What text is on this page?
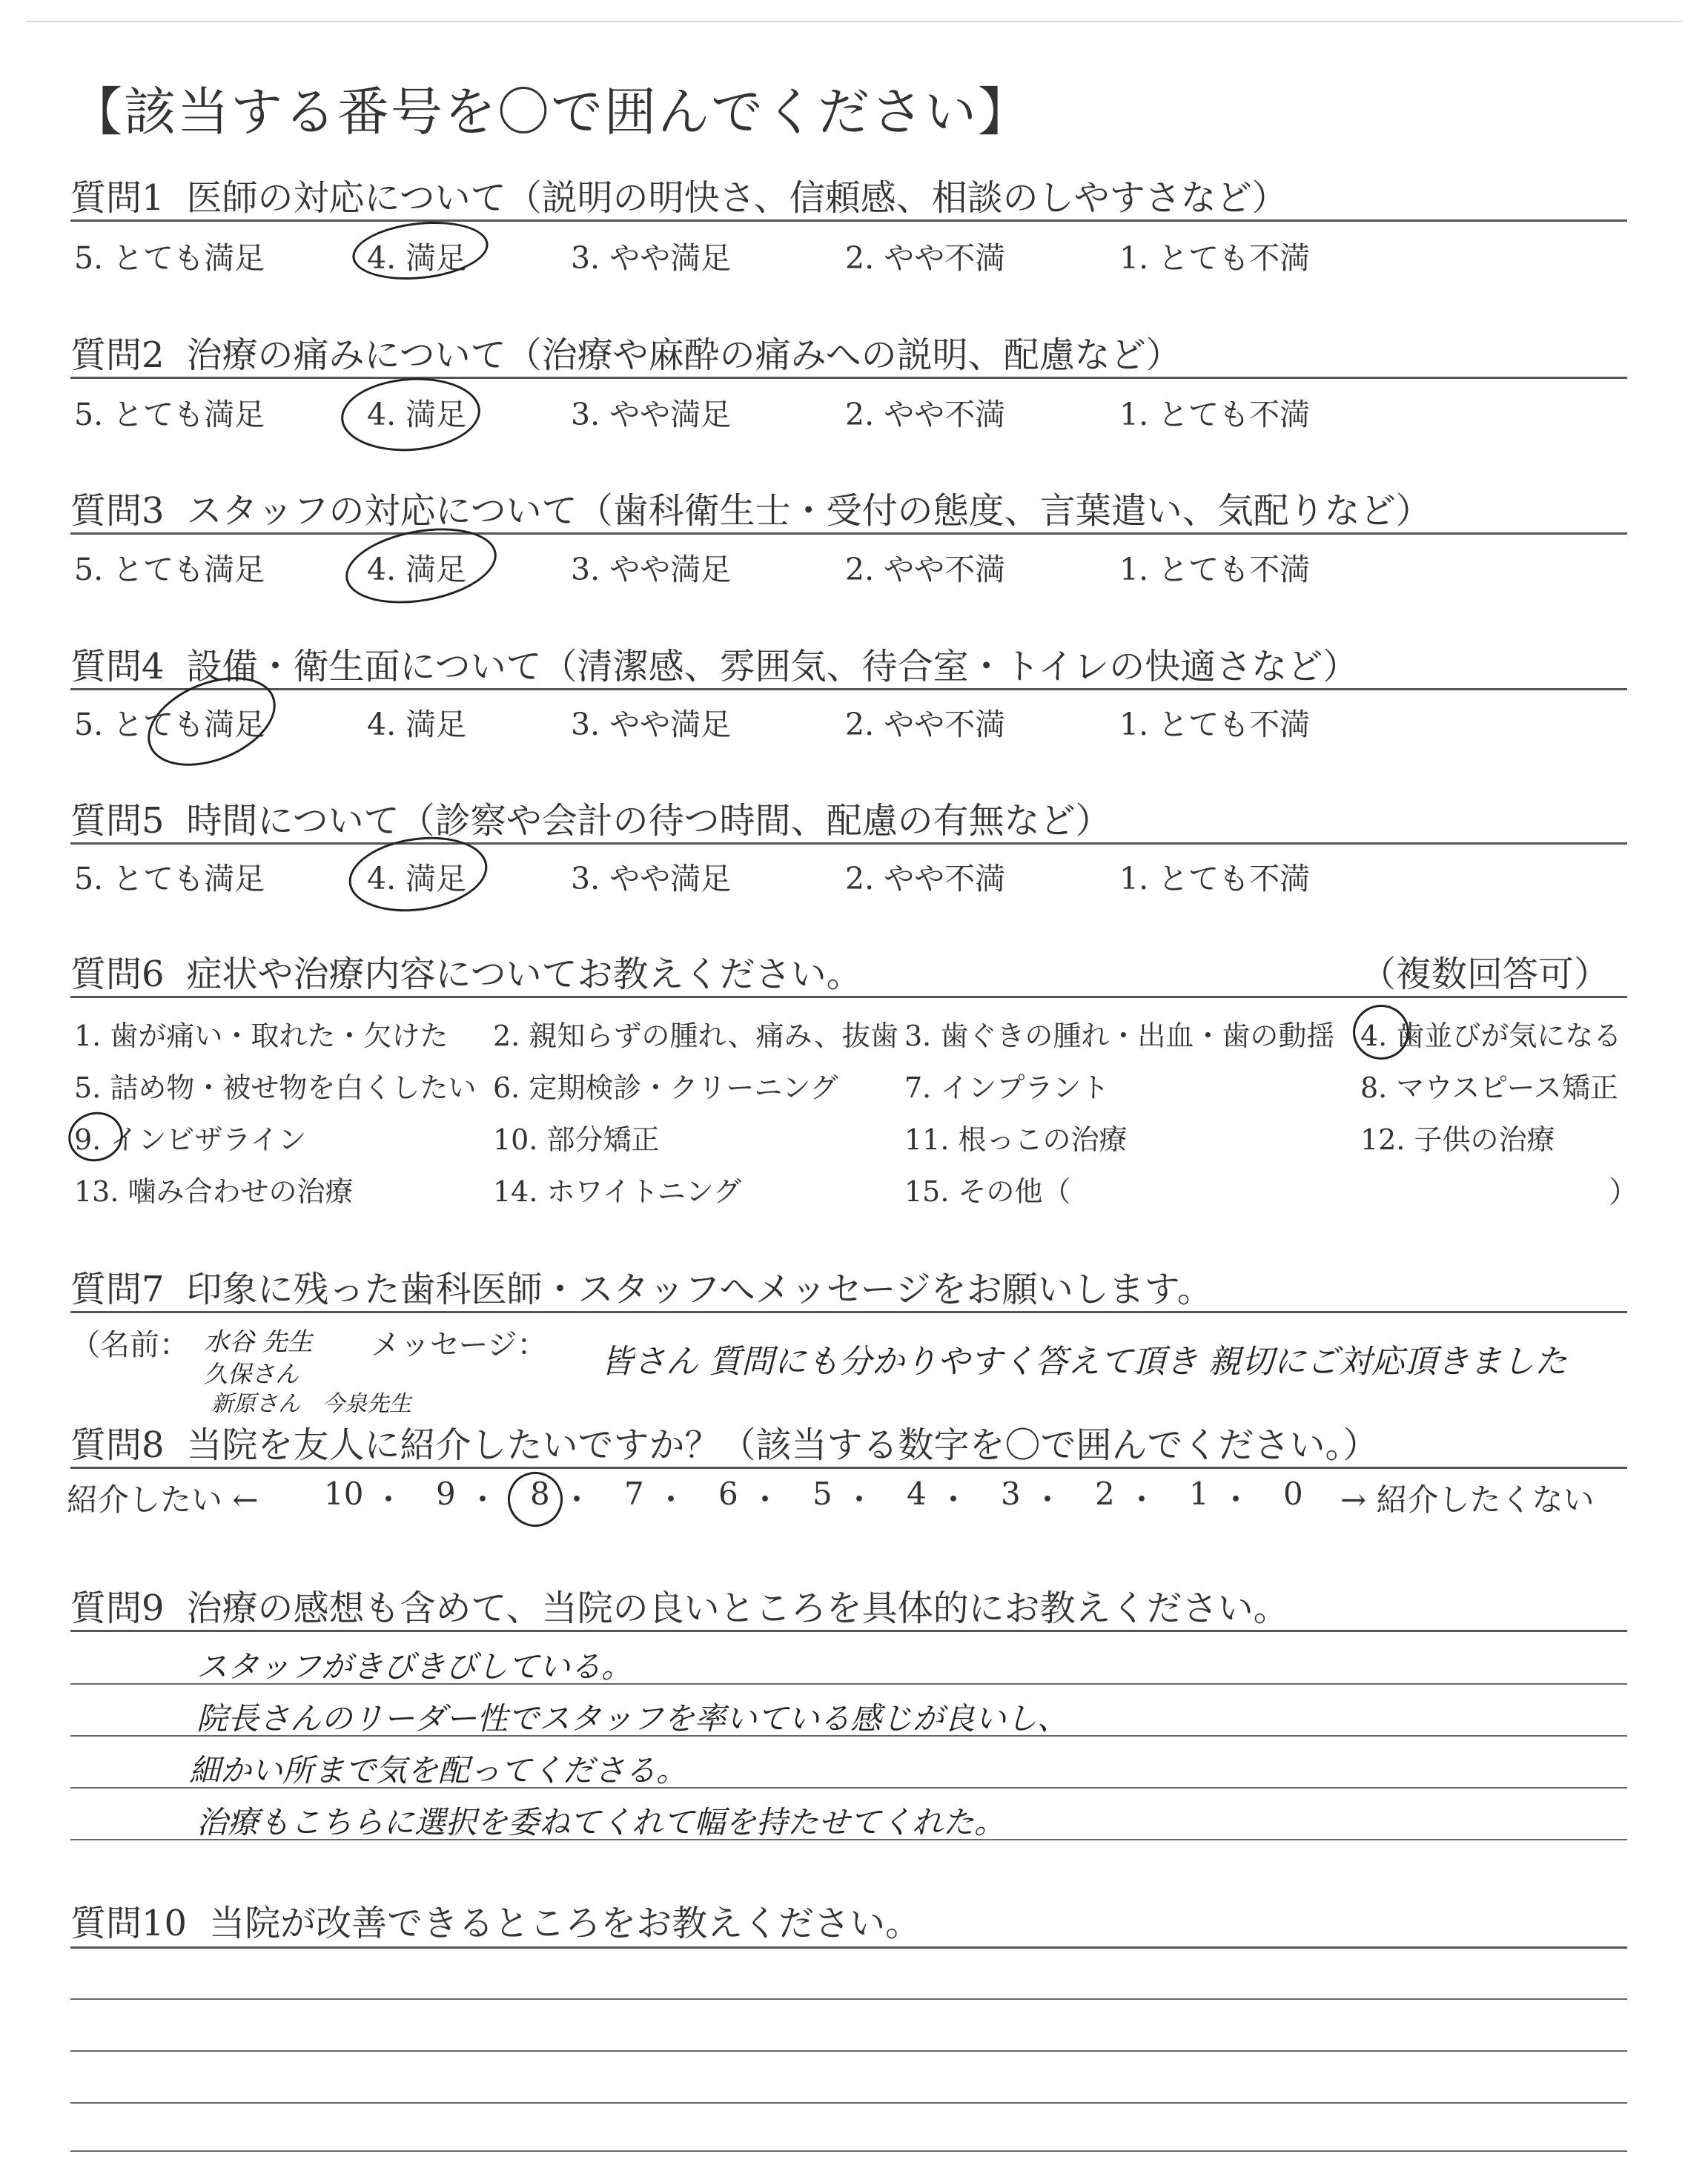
【該当する番号を〇で囲んでください】
質問1 医師の対応について（説明の明快さ、信頼感、相談のしやすさなど）
5. とても満足	4. 満足	3. やや満足	2. やや不満	1. とても不満
質問2 治療の痛みについて（治療や麻酔の痛みへの説明、配慮など）
5. とても満足	4. 満足	3. やや満足	2. やや不満	1. とても不満
質問3 スタッフの対応について（歯科衛生士・受付の態度、言葉遣い、気配りなど）
5. とても満足	4. 満足	3. やや満足	2. やや不満	1. とても不満
質問4 設備・衛生面について（清潔感、雰囲気、待合室・トイレの快適さなど）
5. とても満足	4. 満足	3. やや満足	2. やや不満	1. とても不満
質問5 時間について（診察や会計の待つ時間、配慮の有無など）
5. とても満足	4. 満足	3. やや満足	2. やや不満	1. とても不満
質問6 症状や治療内容についてお教えください。	（複数回答可）
1. 歯が痛い・取れた・欠けた 2. 親知らずの腫れ、痛み、抜歯 3. 歯ぐきの腫れ・出血・歯の動揺 4. 歯並びが気になる
5. 詰め物・被せ物を白くしたい 6. 定期検診・クリーニング 7. インプラント	8. マウスピース矯正
9. インビザライン	10. 部分矯正	11. 根っこの治療	12. 子供の治療
13. 噛み合わせの治療	14. ホワイトニング	15. その他（	）
質問7 印象に残った歯科医師・スタッフへメッセージをお願いします。
（名前：	メッセージ：
水谷 先生
久保さん
新原さん　今泉先生
皆さん 質問にも分かりやすく答えて頂き 親切にご対応頂きました
質問8 当院を友人に紹介したいですか？（該当する数字を〇で囲んでください。）
紹介したい ← 10 ・ 9 ・ 8 ・ 7 ・ 6 ・ 5 ・ 4 ・ 3 ・ 2 ・ 1 ・ 0 → 紹介したくない
質問9 治療の感想も含めて、当院の良いところを具体的にお教えください。
スタッフがきびきびしている。
院長さんのリーダー性でスタッフを率いている感じが良いし、
細かい所まで気を配ってくださる。
治療もこちらに選択を委ねてくれて幅を持たせてくれた。
質問10 当院が改善できるところをお教えください。
